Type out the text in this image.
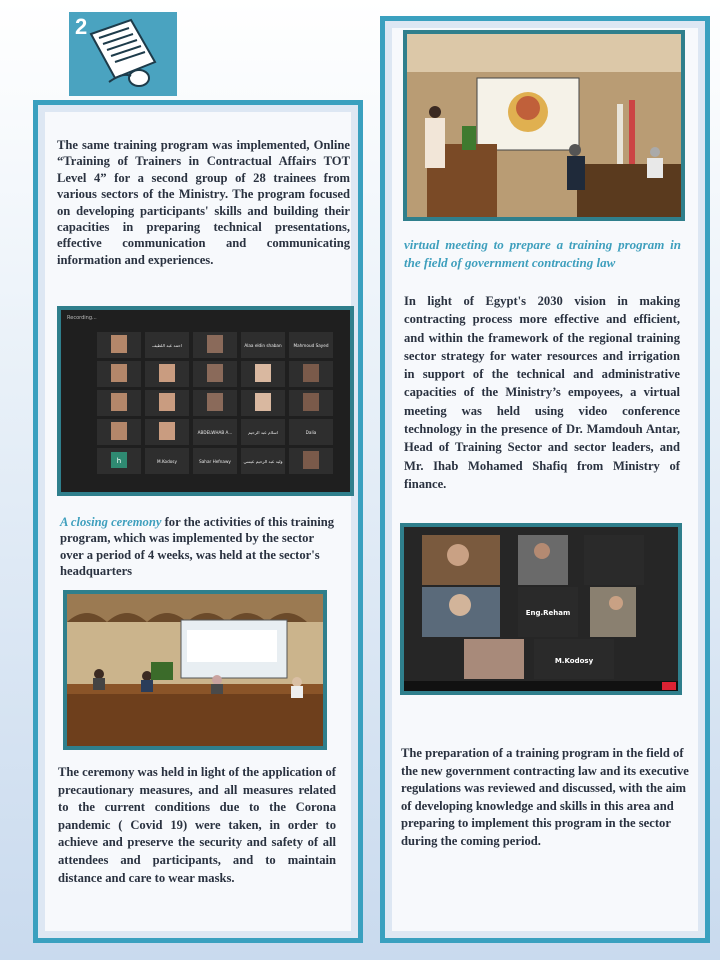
2

The same training program was implemented, Online “Training of Trainers in Contractual Affairs TOT Level 4” for a second group of 28 trainees from various sectors of the Ministry. The program focused on developing participants' skills and building their capacities in preparing technical presentations, effective communication and communicating information and experiences.

Recording...
احمد عبد اللطيف	Alaa eldin shaban	Mahmoud Sayed
ABDELWHAB A...	اسلام عبد الرحيم	Dalia
h	M.Kodosy	Sahar Hefnawy	وليد عبد الرحيم عيسي

A closing ceremony for the activities of this training program, which was implemented by the sector over a period of 4 weeks, was held at the sector's headquarters

The ceremony was held in light of the application of precautionary measures, and all measures related to the current conditions due to the Corona pandemic ( Covid 19) were taken, in order to achieve and preserve the security and safety of all attendees and participants, and to maintain distance and care to wear masks.

virtual meeting to prepare a training program in the field of government contracting law

In light of Egypt's 2030 vision in making contracting process more effective and efficient, and within the framework of the regional training sector strategy for water resources and irrigation in support of the technical and administrative capacities of the Ministry’s empoyees, a virtual meeting was held using video conference technology in the presence of Dr. Mamdouh Antar, Head of Training Sector and sector leaders, and Mr. Ihab Mohamed Shafiq from Ministry of finance.

Eng.Reham
M.Kodosy

The preparation of a training program in the field of the new government contracting law and its executive regulations was reviewed and discussed, with the aim of developing knowledge and skills in this area and preparing to implement this program in the sector during the coming period.
